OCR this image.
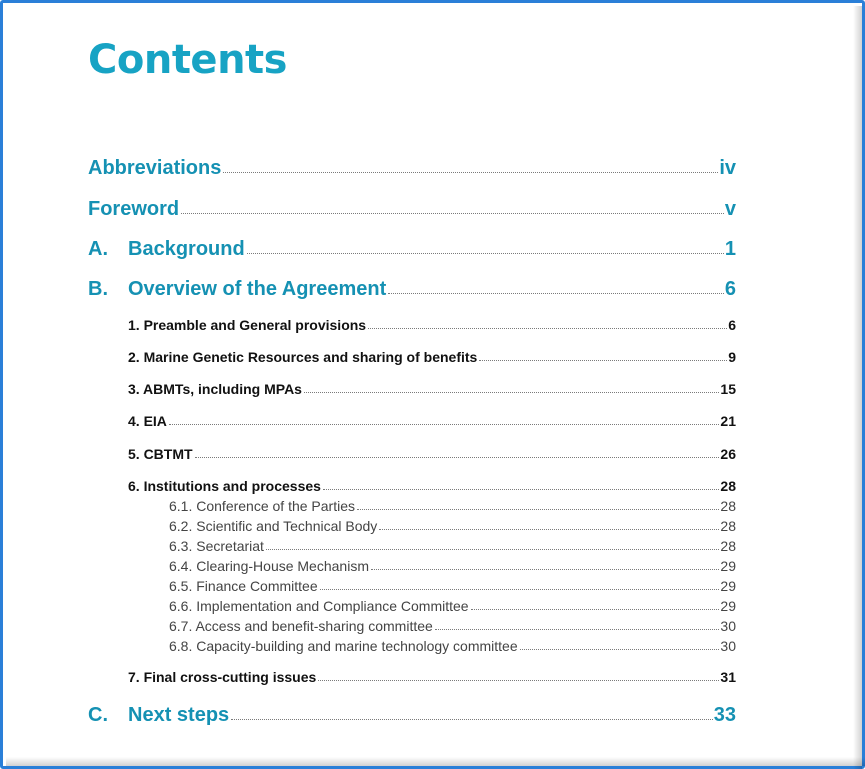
Contents
Abbreviations	iv
Foreword	v
A.	Background	1
B.	Overview of the Agreement	6
1. Preamble and General provisions	6
2. Marine Genetic Resources and sharing of benefits	9
3. ABMTs, including MPAs	15
4. EIA	21
5. CBTMT	26
6. Institutions and processes	28
6.1. Conference of the Parties	28
6.2. Scientific and Technical Body	28
6.3. Secretariat	28
6.4. Clearing-House Mechanism	29
6.5. Finance Committee	29
6.6. Implementation and Compliance Committee	29
6.7. Access and benefit-sharing committee	30
6.8. Capacity-building and marine technology committee	30
7. Final cross-cutting issues	31
C.	Next steps	33
